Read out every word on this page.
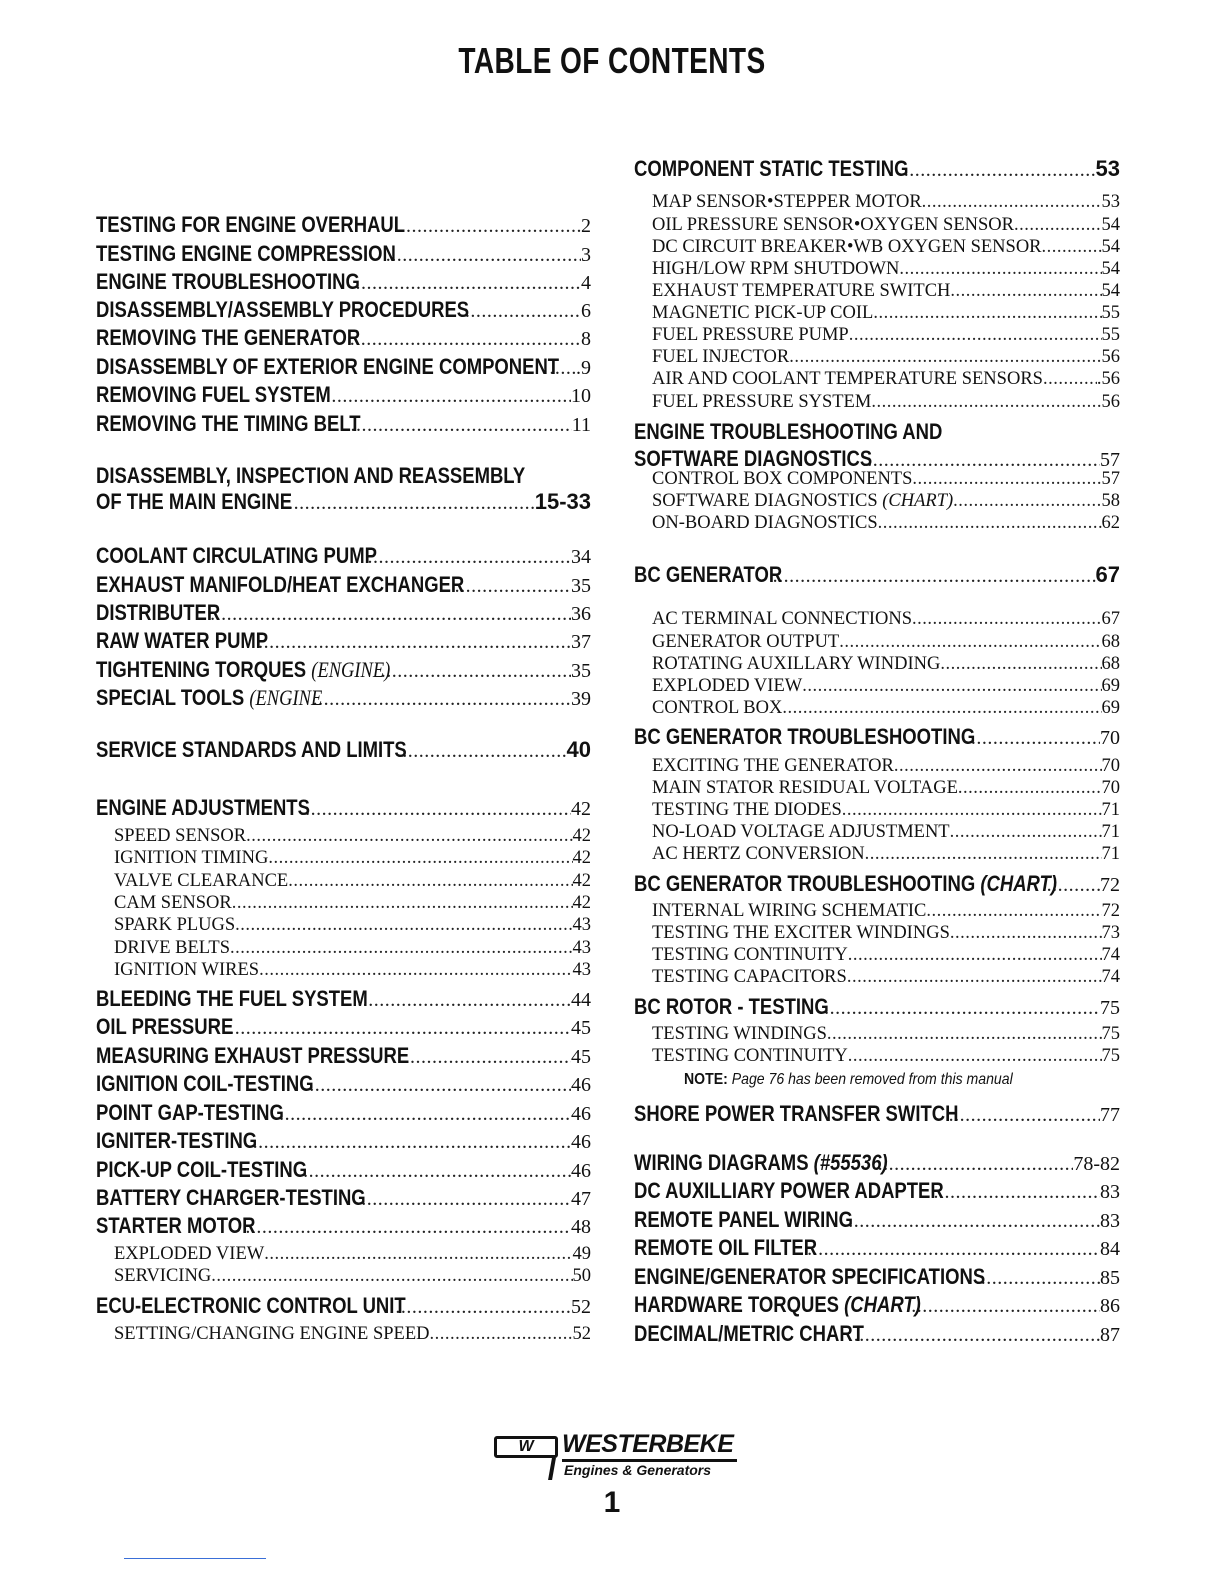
TABLE OF CONTENTS
TESTING FOR ENGINE OVERHAUL .....	2
TESTING ENGINE COMPRESSION .....	3
ENGINE TROUBLESHOOTING .....	4
DISASSEMBLY/ASSEMBLY PROCEDURES .....	6
REMOVING THE GENERATOR .....	8
DISASSEMBLY OF EXTERIOR ENGINE COMPONENT ..... .9
REMOVING FUEL SYSTEM .....	10
REMOVING THE TIMING BELT .....	11
DISASSEMBLY, INSPECTION AND REASSEMBLY
OF THE MAIN ENGINE .....	15-33
COOLANT CIRCULATING PUMP .....	34
EXHAUST MANIFOLD/HEAT EXCHANGER .....	35
DISTRIBUTER .....	36
RAW WATER PUMP .....	37
TIGHTENING TORQUES (ENGINE) .....	35
SPECIAL TOOLS (ENGINE .....	39
SERVICE STANDARDS AND LIMITS .....	40
ENGINE ADJUSTMENTS .....	42
SPEED SENSOR .....	42
IGNITION TIMING .....	42
VALVE CLEARANCE .....	42
CAM SENSOR .....	42
SPARK PLUGS .....	43
DRIVE BELTS .....	43
IGNITION WIRES .....	43
BLEEDING THE FUEL SYSTEM .....	44
OIL PRESSURE .....	45
MEASURING EXHAUST PRESSURE .....	45
IGNITION COIL-TESTING .....	46
POINT GAP-TESTING .....	46
IGNITER-TESTING .....	46
PICK-UP COIL-TESTING .....	46
BATTERY CHARGER-TESTING .....	47
STARTER MOTOR .....	48
EXPLODED VIEW .....	49
SERVICING .....	50
ECU-ELECTRONIC CONTROL UNIT .....	52
SETTING/CHANGING ENGINE SPEED .....	52
COMPONENT STATIC TESTING .....	53
MAP SENSOR•STEPPER MOTOR .....	53
OIL PRESSURE SENSOR•OXYGEN SENSOR .....	54
DC CIRCUIT BREAKER•WB OXYGEN SENSOR .....	54
HIGH/LOW RPM SHUTDOWN .....	54
EXHAUST TEMPERATURE SWITCH .....	54
MAGNETIC PICK-UP COIL .....	55
FUEL PRESSURE PUMP .....	55
FUEL INJECTOR .....	56
AIR AND COOLANT TEMPERATURE SENSORS .....	.56
FUEL PRESSURE SYSTEM .....	56
ENGINE TROUBLESHOOTING AND
SOFTWARE DIAGNOSTICS .....	57
CONTROL BOX COMPONENTS .....	57
SOFTWARE DIAGNOSTICS (CHART) .....	58
ON-BOARD DIAGNOSTICS .....	62
BC GENERATOR .....	67
AC TERMINAL CONNECTIONS .....	67
GENERATOR OUTPUT .....	68
ROTATING AUXILLARY WINDING .....	68
EXPLODED VIEW .....	69
CONTROL BOX .....	69
BC GENERATOR TROUBLESHOOTING .....	70
EXCITING THE GENERATOR .....	70
MAIN STATOR RESIDUAL VOLTAGE .....	70
TESTING THE DIODES .....	71
NO-LOAD VOLTAGE ADJUSTMENT .....	71
AC HERTZ CONVERSION .....	71
BC GENERATOR TROUBLESHOOTING (CHART) ..... 72
INTERNAL WIRING SCHEMATIC .....	72
TESTING THE EXCITER WINDINGS .....	73
TESTING CONTINUITY .....	74
TESTING CAPACITORS .....	74
BC ROTOR - TESTING .....	75
TESTING WINDINGS .....	75
TESTING CONTINUITY .....	75
NOTE: Page 76 has been removed from this manual
SHORE POWER TRANSFER SWITCH .....	77
WIRING DIAGRAMS (#55536) .....	78-82
DC AUXILLIARY POWER ADAPTER .....	83
REMOTE PANEL WIRING .....	83
REMOTE OIL FILTER .....	84
ENGINE/GENERATOR SPECIFICATIONS .....	85
HARDWARE TORQUES (CHART) .....	86
DECIMAL/METRIC CHART .....	87
W	WESTERBEKE
Engines & Generators
1
